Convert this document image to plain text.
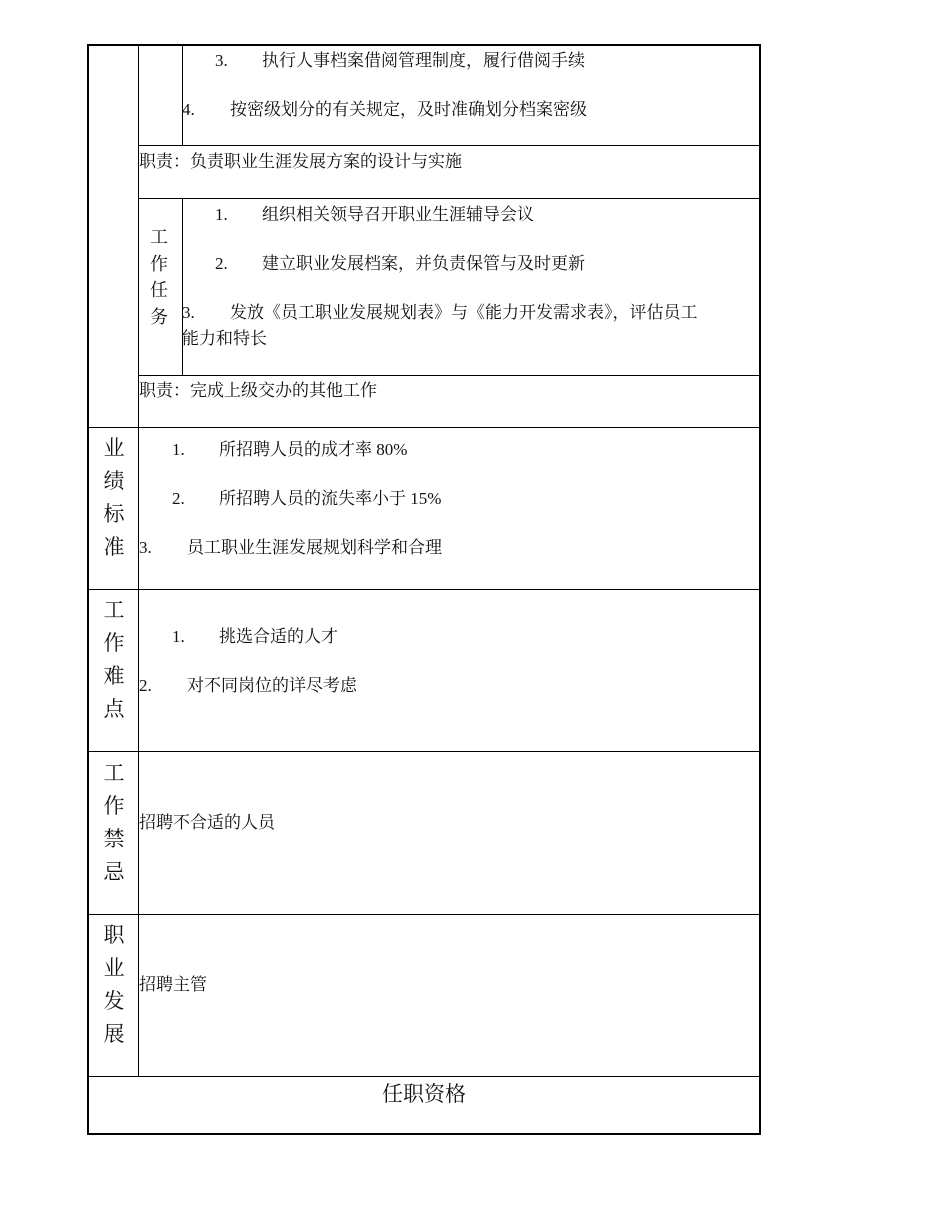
3. 执行人事档案借阅管理制度，履行借阅手续
4. 按密级划分的有关规定，及时准确划分档案密级
职责：负责职业生涯发展方案的设计与实施
工
作
任
务
1. 组织相关领导召开职业生涯辅导会议
2. 建立职业发展档案，并负责保管与及时更新
3. 发放《员工职业发展规划表》与《能力开发需求表》，评估员工
能力和特长
职责：完成上级交办的其他工作
业
绩
标
准
1. 所招聘人员的成才率 80%
2. 所招聘人员的流失率小于 15%
3. 员工职业生涯发展规划科学和合理
工
作
难
点
1. 挑选合适的人才
2. 对不同岗位的详尽考虑
工
作
禁
忌
招聘不合适的人员
职
业
发
展
招聘主管
任职资格
